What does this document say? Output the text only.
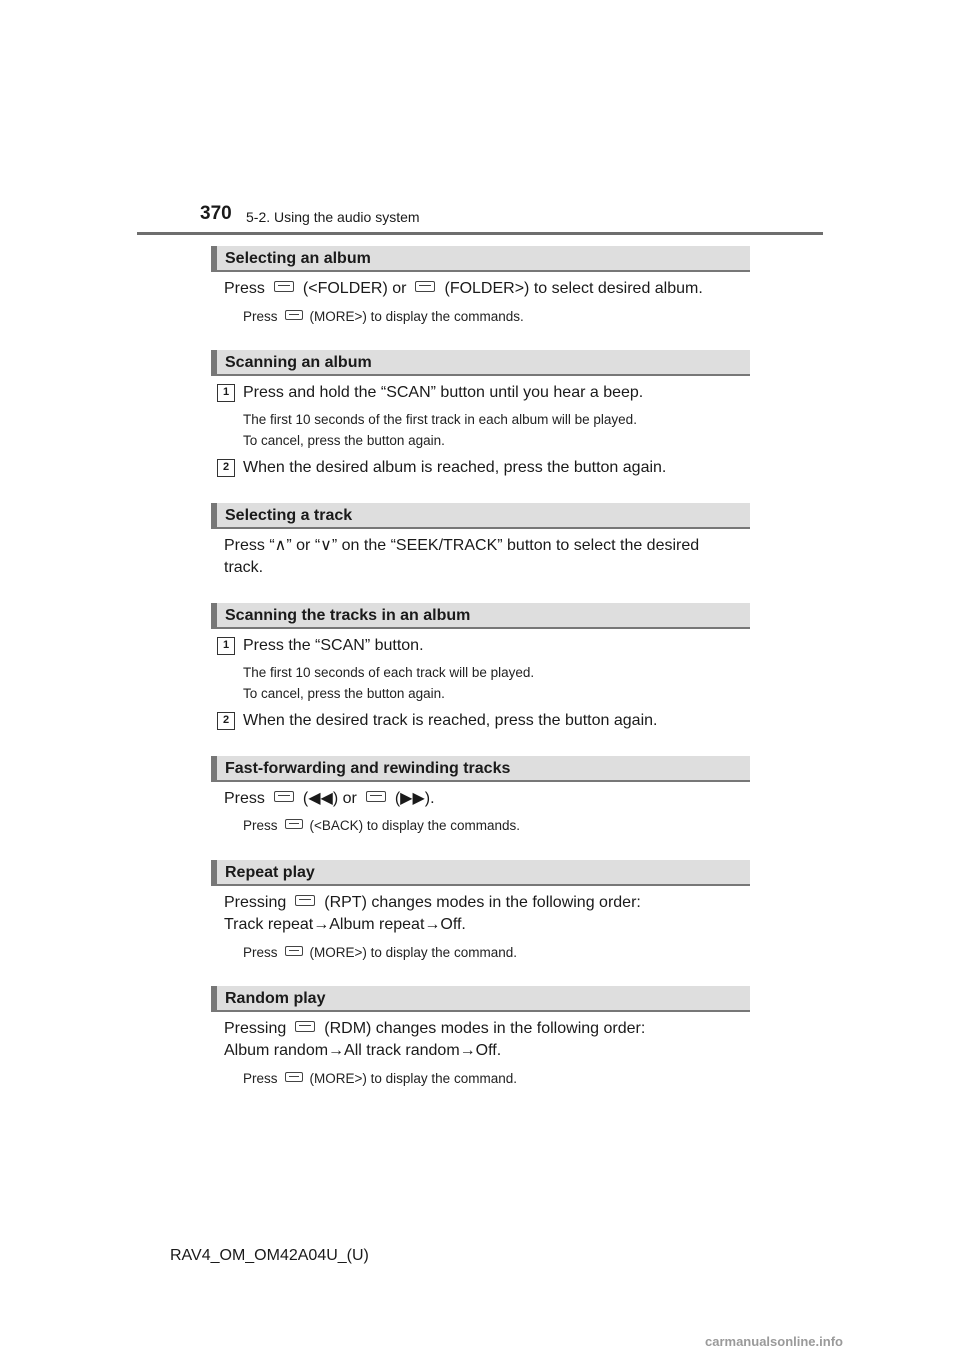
370 5-2. Using the audio system
Selecting an album
Press (<FOLDER) or (FOLDER>) to select desired album.
Press (MORE>) to display the commands.
Scanning an album
1 Press and hold the “SCAN” button until you hear a beep.
The first 10 seconds of the first track in each album will be played.
To cancel, press the button again.
2 When the desired album is reached, press the button again.
Selecting a track
Press “∧” or “∨” on the “SEEK/TRACK” button to select the desired
track.
Scanning the tracks in an album
1 Press the “SCAN” button.
The first 10 seconds of each track will be played.
To cancel, press the button again.
2 When the desired track is reached, press the button again.
Fast-forwarding and rewinding tracks
Press (◀◀) or (▶▶).
Press (<BACK) to display the commands.
Repeat play
Pressing (RPT) changes modes in the following order:
Track repeat→Album repeat→Off.
Press (MORE>) to display the command.
Random play
Pressing (RDM) changes modes in the following order:
Album random→All track random→Off.
Press (MORE>) to display the command.
RAV4_OM_OM42A04U_(U)
carmanualsonline.info
